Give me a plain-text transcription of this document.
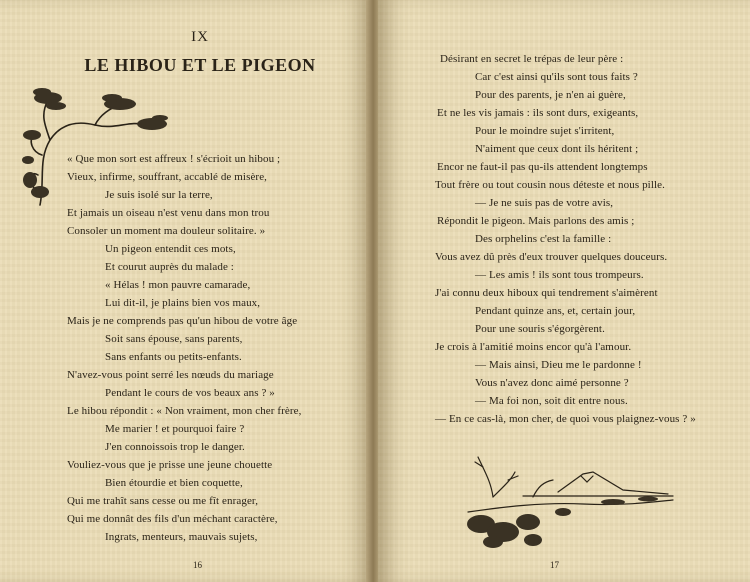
IX
LE HIBOU ET LE PIGEON
« Que mon sort est affreux ! s'écrioit un hibou ;
Vieux, infirme, souffrant, accablé de misère,
Je suis isolé sur la terre,
Et jamais un oiseau n'est venu dans mon trou
Consoler un moment ma douleur solitaire. »
Un pigeon entendit ces mots,
Et courut auprès du malade :
« Hélas ! mon pauvre camarade,
Lui dit-il, je plains bien vos maux,
Mais je ne comprends pas qu'un hibou de votre âge
Soit sans épouse, sans parents,
Sans enfants ou petits-enfants.
N'avez-vous point serré les nœuds du mariage
Pendant le cours de vos beaux ans ? »
Le hibou répondit : « Non vraiment, mon cher frère,
Me marier ! et pourquoi faire ?
J'en connoissois trop le danger.
Vouliez-vous que je prisse une jeune chouette
Bien étourdie et bien coquette,
Qui me trahît sans cesse ou me fît enrager,
Qui me donnât des fils d'un méchant caractère,
Ingrats, menteurs, mauvais sujets,
16
Désirant en secret le trépas de leur père :
Car c'est ainsi qu'ils sont tous faits ?
Pour des parents, je n'en ai guère,
Et ne les vis jamais : ils sont durs, exigeants,
Pour le moindre sujet s'irritent,
N'aiment que ceux dont ils héritent ;
Encor ne faut-il pas qu-ils attendent longtemps
Tout frère ou tout cousin nous déteste et nous pille.
— Je ne suis pas de votre avis,
Répondit le pigeon. Mais parlons des amis ;
Des orphelins c'est la famille :
Vous avez dû près d'eux trouver quelques douceurs.
— Les amis ! ils sont tous trompeurs.
J'ai connu deux hiboux qui tendrement s'aimèrent
Pendant quinze ans, et, certain jour,
Pour une souris s'égorgèrent.
Je crois à l'amitié moins encor qu'à l'amour.
— Mais ainsi, Dieu me le pardonne !
Vous n'avez donc aimé personne ?
— Ma foi non, soit dit entre nous.
— En ce cas-là, mon cher, de quoi vous plaignez-vous ? »
17
